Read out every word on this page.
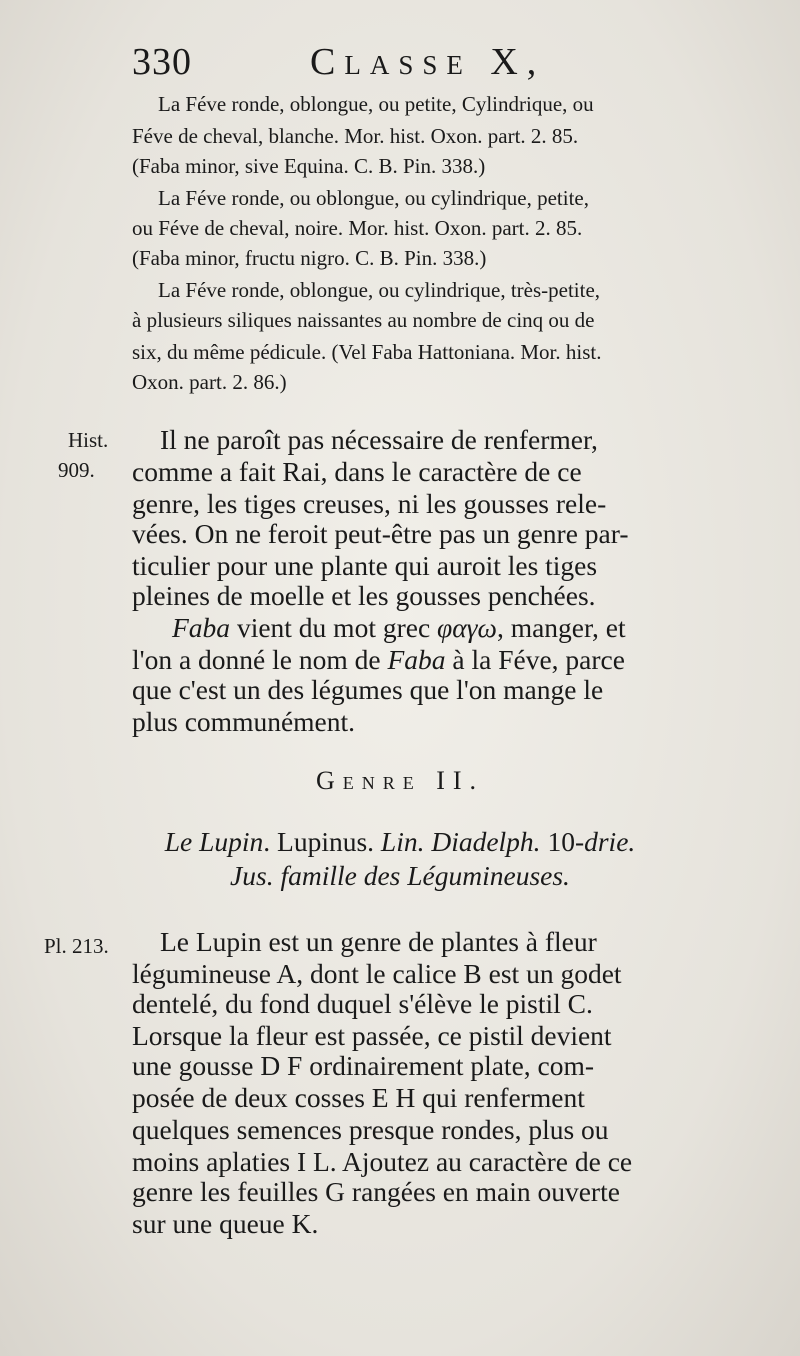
330	Classe X,
La Féve ronde, oblongue, ou petite, Cylindrique, ou
Féve de cheval, blanche. Mor. hist. Oxon. part. 2. 85.
(Faba minor, sive Equina. C. B. Pin. 338.)
La Féve ronde, ou oblongue, ou cylindrique, petite,
ou Féve de cheval, noire. Mor. hist. Oxon. part. 2. 85.
(Faba minor, fructu nigro. C. B. Pin. 338.)
La Féve ronde, oblongue, ou cylindrique, très-petite,
à plusieurs siliques naissantes au nombre de cinq ou de
six, du même pédicule. (Vel Faba Hattoniana. Mor. hist.
Oxon. part. 2. 86.)
Hist.
909.
Il ne paroît pas nécessaire de renfermer,
comme a fait Rai, dans le caractère de ce
genre, les tiges creuses, ni les gousses rele-
vées. On ne feroit peut-être pas un genre par-
ticulier pour une plante qui auroit les tiges
pleines de moelle et les gousses penchées.
Faba vient du mot grec φαγω, manger, et
l'on a donné le nom de Faba à la Féve, parce
que c'est un des légumes que l'on mange le
plus communément.
Genre II.
Le Lupin. Lupinus. Lin. Diadelph. 10-drie.
Jus. famille des Légumineuses.
Pl. 213. Le Lupin est un genre de plantes à fleur
légumineuse A, dont le calice B est un godet
dentelé, du fond duquel s'élève le pistil C.
Lorsque la fleur est passée, ce pistil devient
une gousse D F ordinairement plate, com-
posée de deux cosses E H qui renferment
quelques semences presque rondes, plus ou
moins aplaties I L. Ajoutez au caractère de ce
genre les feuilles G rangées en main ouverte
sur une queue K.
